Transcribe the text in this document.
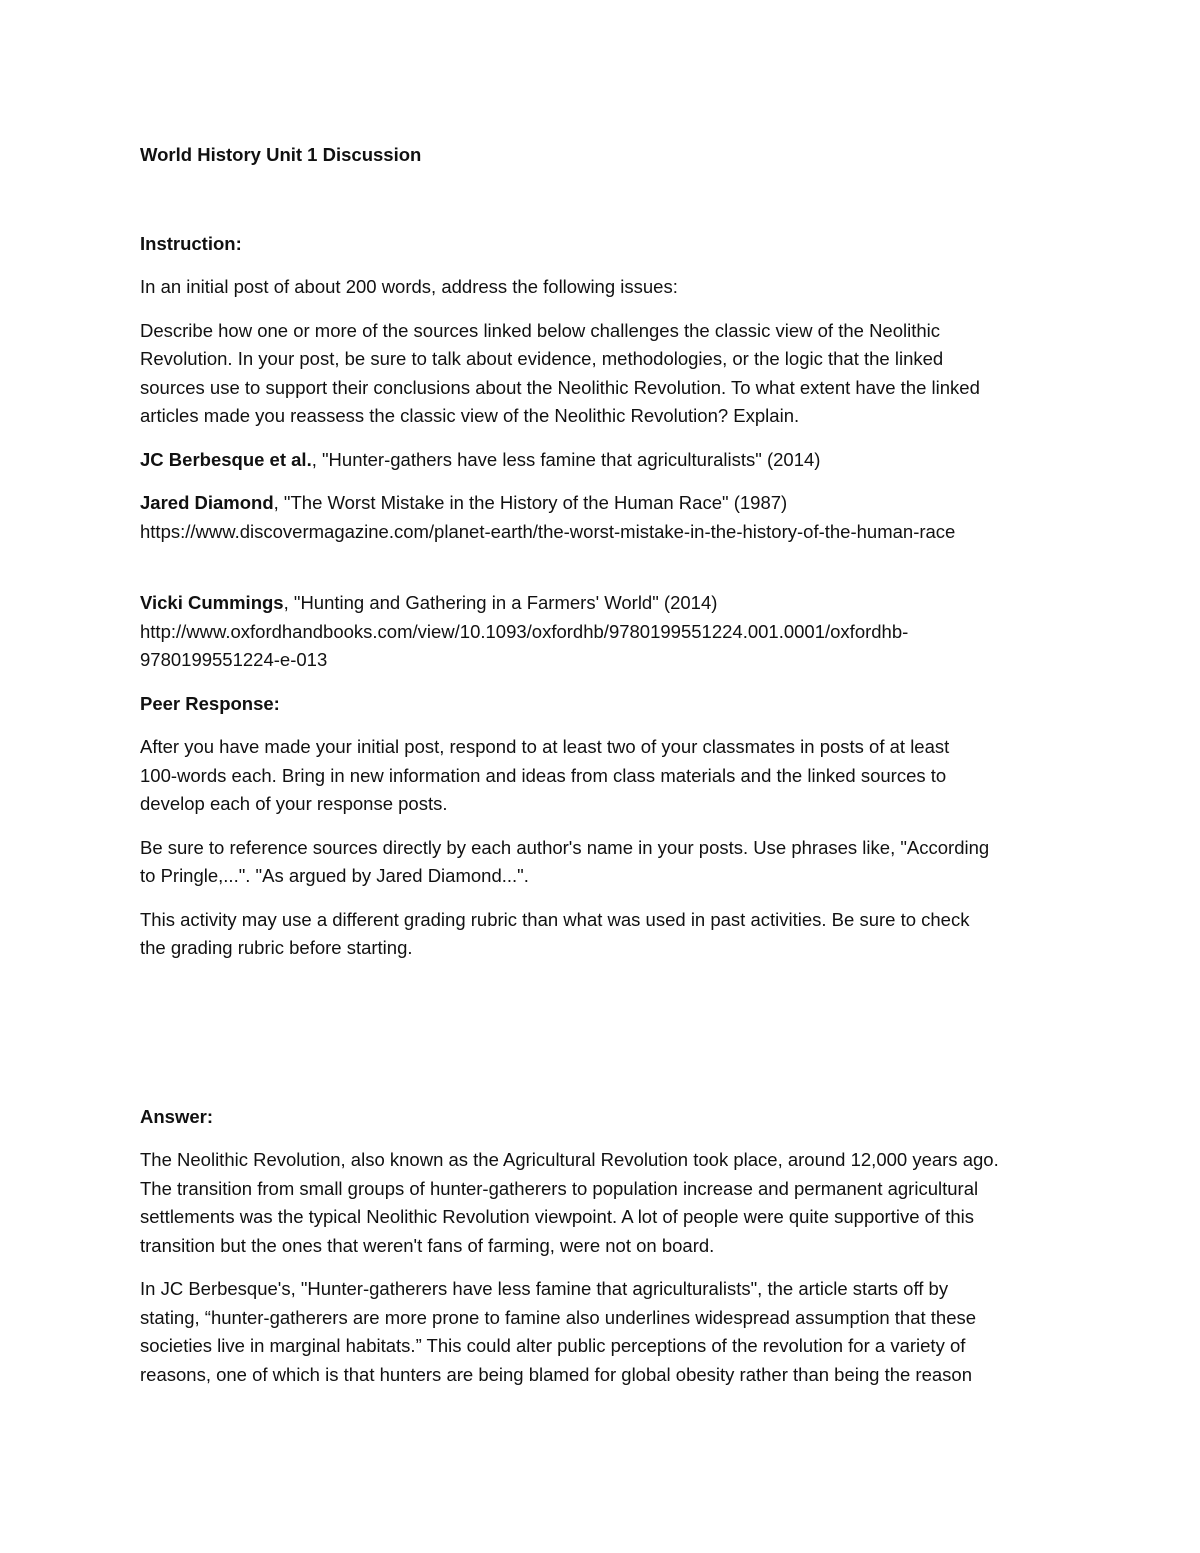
World History Unit 1 Discussion

Instruction:

In an initial post of about 200 words, address the following issues:

Describe how one or more of the sources linked below challenges the classic view of the Neolithic
Revolution. In your post, be sure to talk about evidence, methodologies, or the logic that the linked
sources use to support their conclusions about the Neolithic Revolution. To what extent have the linked
articles made you reassess the classic view of the Neolithic Revolution? Explain.

JC Berbesque et al., "Hunter-gathers have less famine that agriculturalists" (2014)

Jared Diamond, "The Worst Mistake in the History of the Human Race" (1987)
https://www.discovermagazine.com/planet-earth/the-worst-mistake-in-the-history-of-the-human-race

Vicki Cummings, "Hunting and Gathering in a Farmers' World" (2014)
http://www.oxfordhandbooks.com/view/10.1093/oxfordhb/9780199551224.001.0001/oxfordhb-
9780199551224-e-013

Peer Response:

After you have made your initial post, respond to at least two of your classmates in posts of at least
100-words each. Bring in new information and ideas from class materials and the linked sources to
develop each of your response posts.

Be sure to reference sources directly by each author's name in your posts. Use phrases like, "According
to Pringle,...". "As argued by Jared Diamond...".

This activity may use a different grading rubric than what was used in past activities. Be sure to check
the grading rubric before starting.

Answer:

The Neolithic Revolution, also known as the Agricultural Revolution took place, around 12,000 years ago.
The transition from small groups of hunter-gatherers to population increase and permanent agricultural
settlements was the typical Neolithic Revolution viewpoint. A lot of people were quite supportive of this
transition but the ones that weren't fans of farming, were not on board.

In JC Berbesque's, "Hunter-gatherers have less famine that agriculturalists", the article starts off by
stating, “hunter-gatherers are more prone to famine also underlines widespread assumption that these
societies live in marginal habitats.” This could alter public perceptions of the revolution for a variety of
reasons, one of which is that hunters are being blamed for global obesity rather than being the reason
